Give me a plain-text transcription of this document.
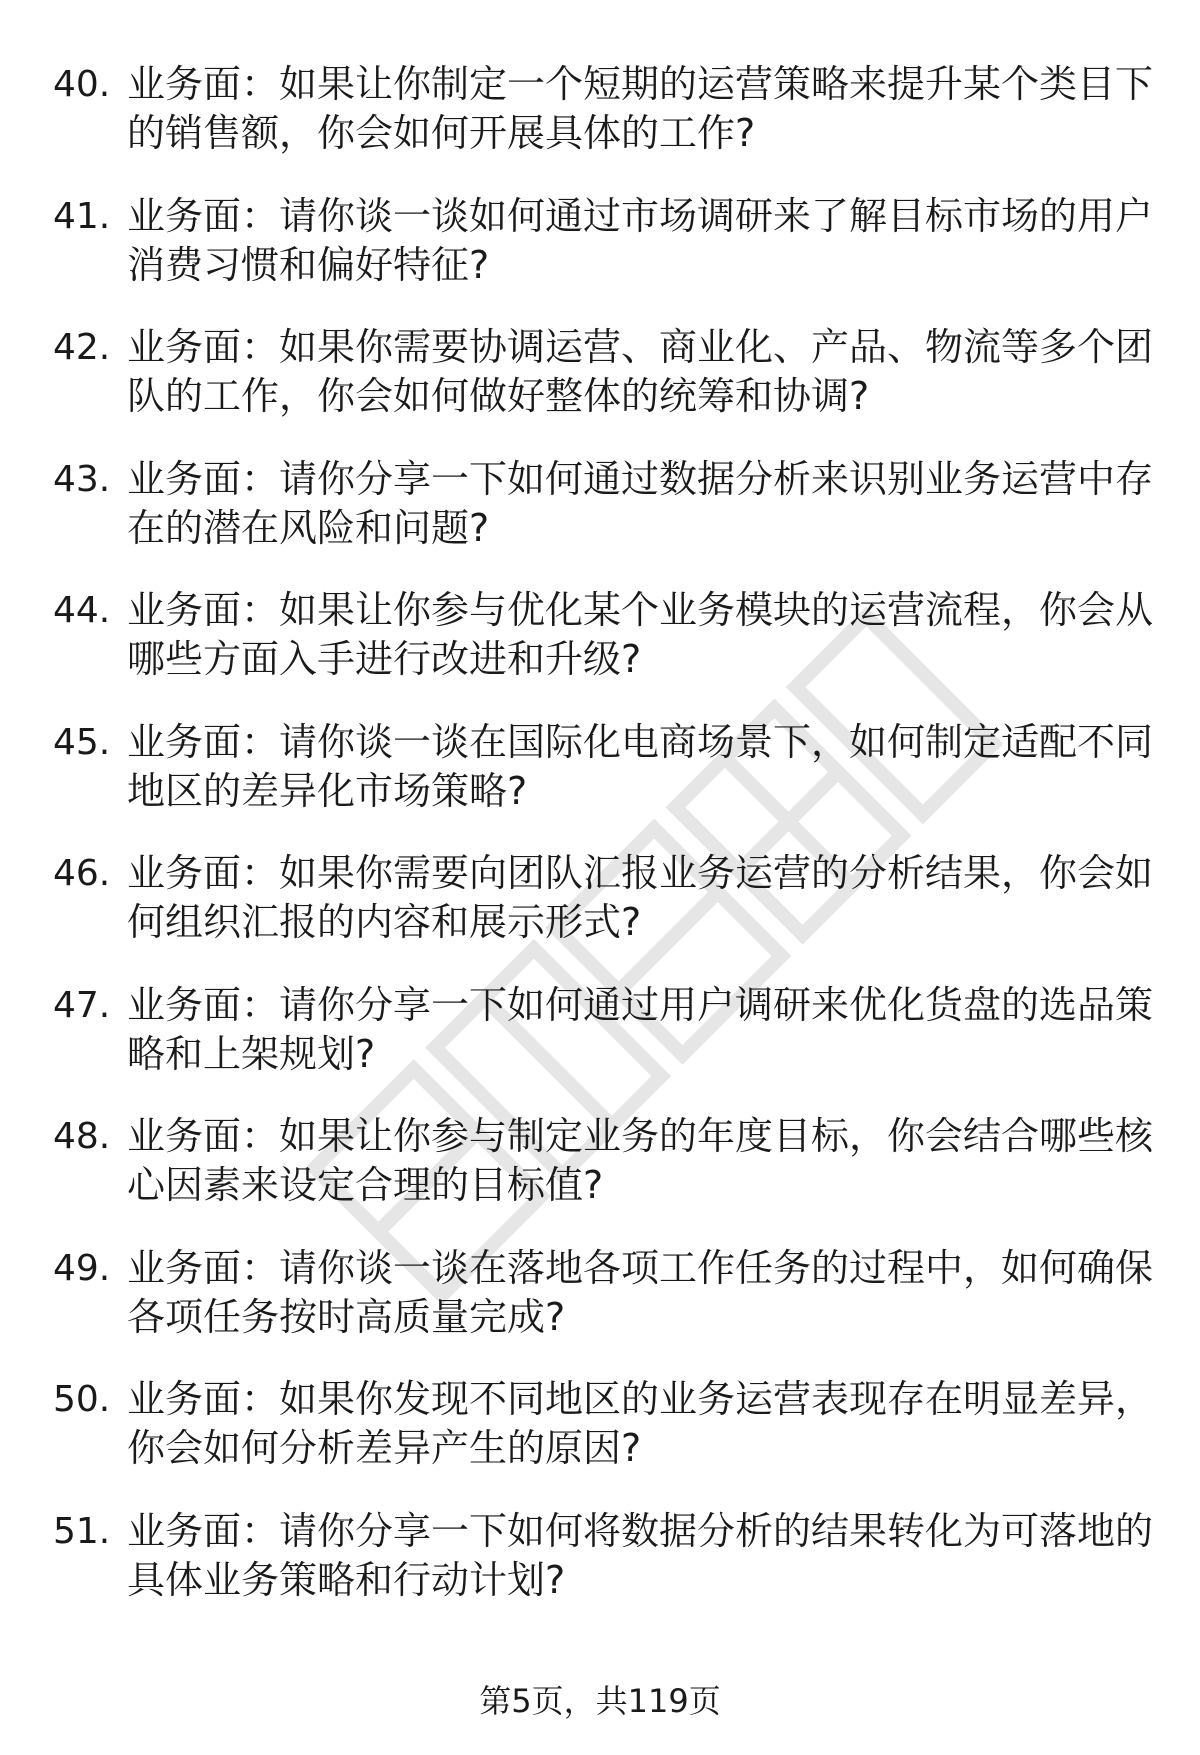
40. 业务面：如果让你制定一个短期的运营策略来提升某个类目下的销售额，你会如何开展具体的工作?
41. 业务面：请你谈一谈如何通过市场调研来了解目标市场的用户消费习惯和偏好特征?
42. 业务面：如果你需要协调运营、商业化、产品、物流等多个团队的工作，你会如何做好整体的统筹和协调?
43. 业务面：请你分享一下如何通过数据分析来识别业务运营中存在的潜在风险和问题?
44. 业务面：如果让你参与优化某个业务模块的运营流程，你会从哪些方面入手进行改进和升级?
45. 业务面：请你谈一谈在国际化电商场景下，如何制定适配不同地区的差异化市场策略?
46. 业务面：如果你需要向团队汇报业务运营的分析结果，你会如何组织汇报的内容和展示形式?
47. 业务面：请你分享一下如何通过用户调研来优化货盘的选品策略和上架规划?
48. 业务面：如果让你参与制定业务的年度目标，你会结合哪些核心因素来设定合理的目标值?
49. 业务面：请你谈一谈在落地各项工作任务的过程中，如何确保各项任务按时高质量完成?
50. 业务面：如果你发现不同地区的业务运营表现存在明显差异，你会如何分析差异产生的原因?
51. 业务面：请你分享一下如何将数据分析的结果转化为可落地的具体业务策略和行动计划?
第5页，共119页
